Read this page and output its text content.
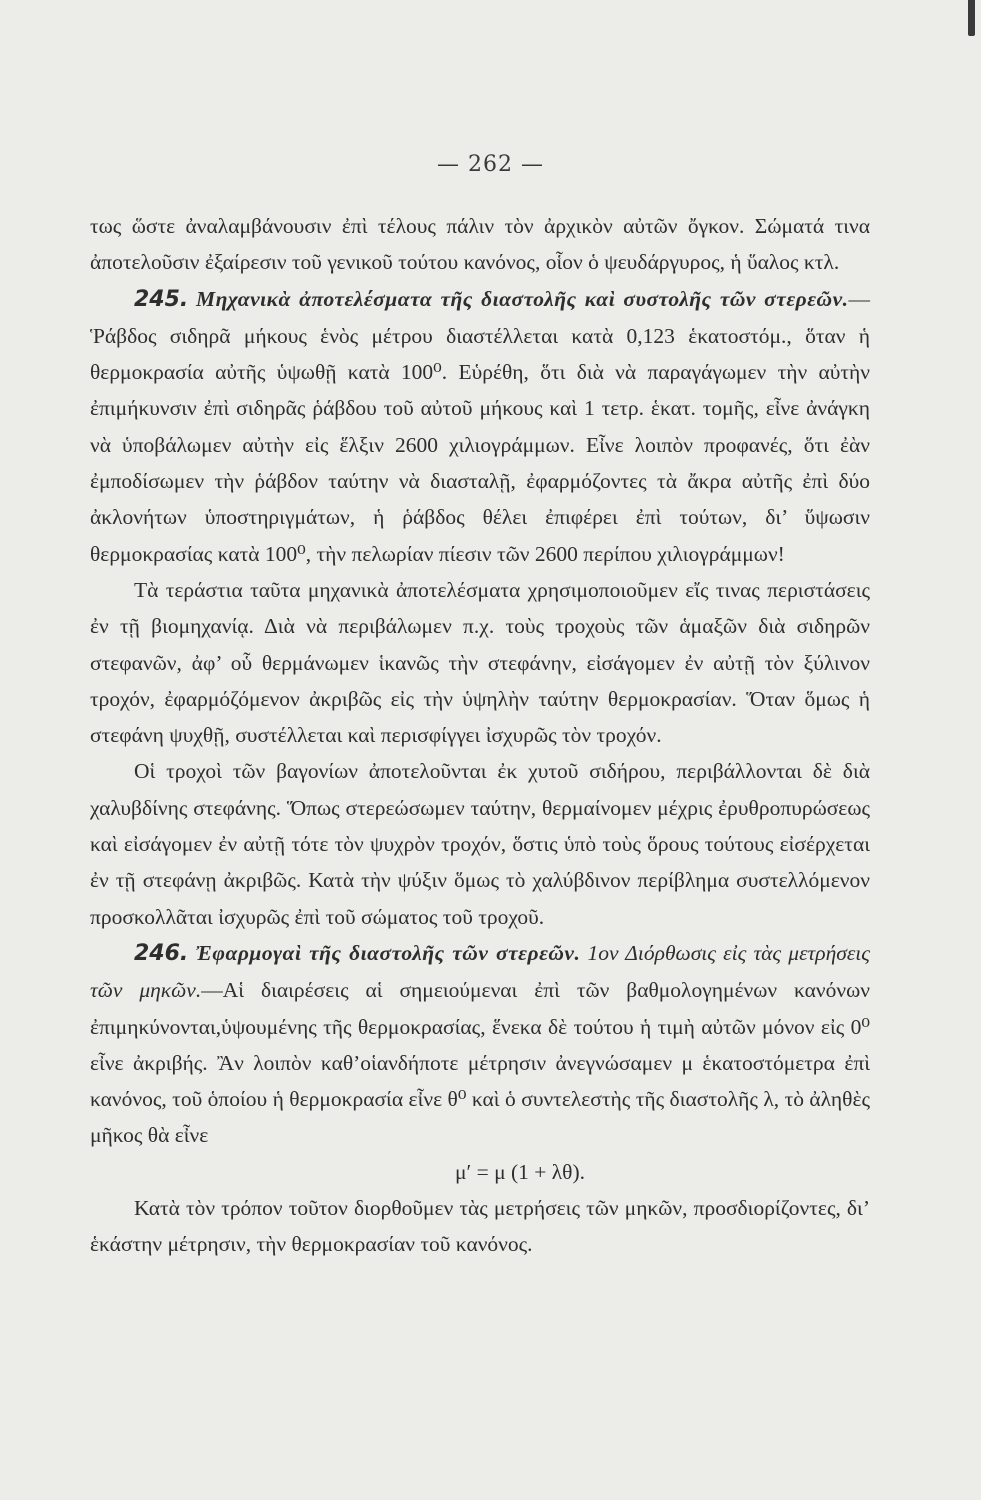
— 262 —

τως ὥστε ἀναλαμβάνουσιν ἐπὶ τέλους πάλιν τὸν ἀρχικὸν αὐτῶν ὄγκον. Σώματά τινα ἀποτελοῦσιν ἐξαίρεσιν τοῦ γενικοῦ τούτου κανόνος, οἷον ὁ ψευδάργυρος, ἡ ὕαλος κτλ.

245. Μηχανικὰ ἀποτελέσματα τῆς διαστολῆς καὶ συστολῆς τῶν στερεῶν.—Ῥάβδος σιδηρᾶ μήκους ἑνὸς μέτρου διαστέλλεται κατὰ 0,123 ἑκατοστόμ., ὅταν ἡ θερμοκρασία αὐτῆς ὑψωθῇ κατὰ 100⁰. Εὑρέθη, ὅτι διὰ νὰ παραγάγωμεν τὴν αὐτὴν ἐπιμήκυνσιν ἐπὶ σιδηρᾶς ῥάβδου τοῦ αὐτοῦ μήκους καὶ 1 τετρ. ἑκατ. τομῆς, εἶνε ἀνάγκη νὰ ὑποβάλωμεν αὐτὴν εἰς ἕλξιν 2600 χιλιογράμμων. Εἶνε λοιπὸν προφανές, ὅτι ἐὰν ἐμποδίσωμεν τὴν ῥάβδον ταύτην νὰ διασταλῇ, ἐφαρμόζοντες τὰ ἄκρα αὐτῆς ἐπὶ δύο ἀκλονήτων ὑποστηριγμάτων, ἡ ῥάβδος θέλει ἐπιφέρει ἐπὶ τούτων, δι’ ὕψωσιν θερμοκρασίας κατὰ 100⁰, τὴν πελωρίαν πίεσιν τῶν 2600 περίπου χιλιογράμμων!

Τὰ τεράστια ταῦτα μηχανικὰ ἀποτελέσματα χρησιμοποιοῦμεν εἴς τινας περιστάσεις ἐν τῇ βιομηχανίᾳ. Διὰ νὰ περιβάλωμεν π.χ. τοὺς τροχοὺς τῶν ἁμαξῶν διὰ σιδηρῶν στεφανῶν, ἀφ’ οὗ θερμάνωμεν ἱκανῶς τὴν στεφάνην, εἰσάγομεν ἐν αὐτῇ τὸν ξύλινον τροχόν, ἐφαρμόζόμενον ἀκριβῶς εἰς τὴν ὑψηλὴν ταύτην θερμοκρασίαν. Ὅταν ὅμως ἡ στεφάνη ψυχθῇ, συστέλλεται καὶ περισφίγγει ἰσχυρῶς τὸν τροχόν.

Οἱ τροχοὶ τῶν βαγονίων ἀποτελοῦνται ἐκ χυτοῦ σιδήρου, περιβάλλονται δὲ διὰ χαλυβδίνης στεφάνης. Ὅπως στερεώσωμεν ταύτην, θερμαίνομεν μέχρις ἐρυθροπυρώσεως καὶ εἰσάγομεν ἐν αὐτῇ τότε τὸν ψυχρὸν τροχόν, ὅστις ὑπὸ τοὺς ὅρους τούτους εἰσέρχεται ἐν τῇ στεφάνῃ ἀκριβῶς. Κατὰ τὴν ψύξιν ὅμως τὸ χαλύβδινον περίβλημα συστελλόμενον προσκολλᾶται ἰσχυρῶς ἐπὶ τοῦ σώματος τοῦ τροχοῦ.

246. Ἐφαρμογαὶ τῆς διαστολῆς τῶν στερεῶν. 1ον Διόρθωσις εἰς τὰς μετρήσεις τῶν μηκῶν.—Αἱ διαιρέσεις αἱ σημειούμεναι ἐπὶ τῶν βαθμολογημένων κανόνων ἐπιμηκύνονται,ὑψουμένης τῆς θερμοκρασίας, ἕνεκα δὲ τούτου ἡ τιμὴ αὐτῶν μόνον εἰς 0⁰ εἶνε ἀκριβής. Ἂν λοιπὸν καθ’οἱανδήποτε μέτρησιν ἀνεγνώσαμεν μ ἑκατοστόμετρα ἐπὶ κανόνος, τοῦ ὁποίου ἡ θερμοκρασία εἶνε θ⁰ καὶ ὁ συντελεστὴς τῆς διαστολῆς λ, τὸ ἀληθὲς μῆκος θὰ εἶνε

μ′ = μ (1 + λθ).

Κατὰ τὸν τρόπον τοῦτον διορθοῦμεν τὰς μετρήσεις τῶν μηκῶν, προσδιορίζοντες, δι’ ἑκάστην μέτρησιν, τὴν θερμοκρασίαν τοῦ κανόνος.
